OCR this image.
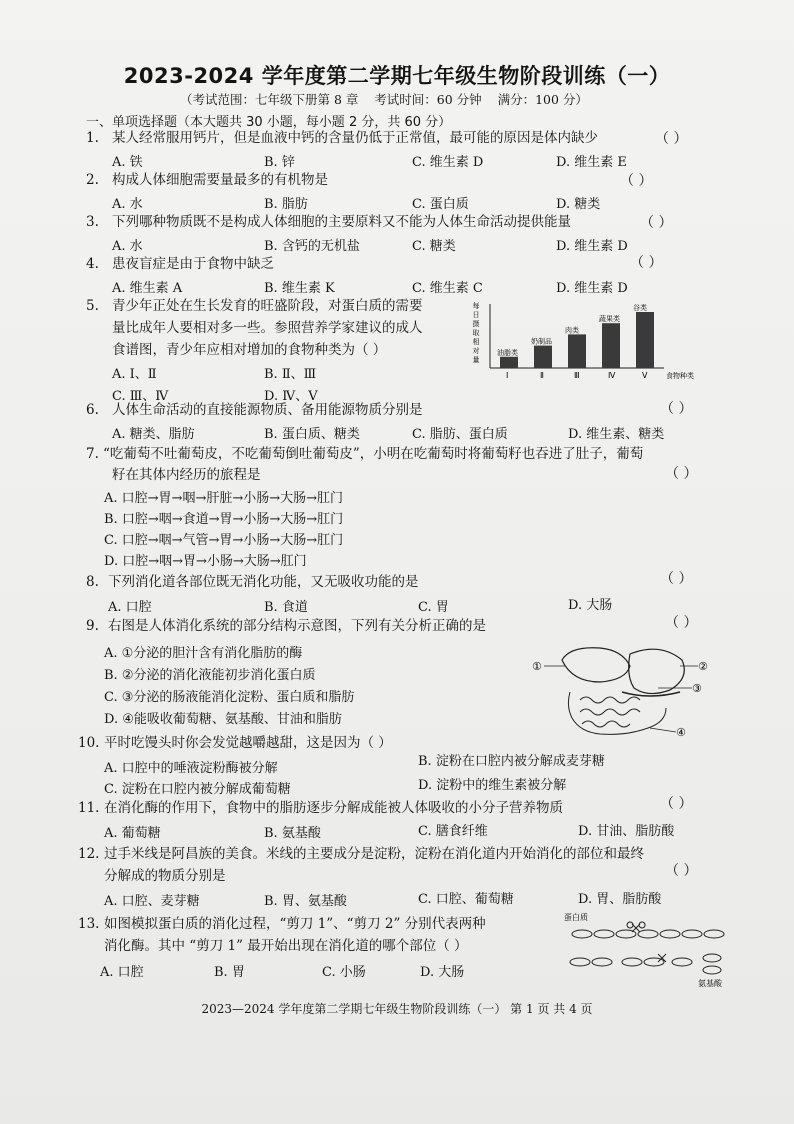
2023-2024 学年度第二学期七年级生物阶段训练（一）
（考试范围：七年级下册第 8 章    考试时间：60 分钟    满分：100 分）
一、单项选择题（本大题共 30 小题，每小题 2 分，共 60 分）
1. 某人经常服用钙片，但是血液中钙的含量仍低于正常值，最可能的原因是体内缺少	（ ）
A. 铁	B. 锌	C. 维生素 D	D. 维生素 E
2. 构成人体细胞需要量最多的有机物是	（ ）
A. 水	B. 脂肪	C. 蛋白质	D. 糖类
3. 下列哪种物质既不是构成人体细胞的主要原料又不能为人体生命活动提供能量	（ ）
A. 水	B. 含钙的无机盐	C. 糖类	D. 维生素 D
4. 患夜盲症是由于食物中缺乏	（ ）
A. 维生素 A	B. 维生素 K	C. 维生素 C	D. 维生素 D
5. 青少年正处在生长发育的旺盛阶段，对蛋白质的需要
量比成年人要相对多一些。参照营养学家建议的成人
食谱图，青少年应相对增加的食物种类为（ ）
A. Ⅰ、Ⅱ	B. Ⅱ、Ⅲ
C. Ⅲ、Ⅳ	D. Ⅳ、Ⅴ
每
日
摄
取
相
对
量
油脂类
Ⅰ
奶制品
Ⅱ
肉类
Ⅲ
蔬果类
Ⅳ
谷类
Ⅴ	食物种类
6. 人体生命活动的直接能源物质、备用能源物质分别是	（ ）
A. 糖类、脂肪	B. 蛋白质、糖类	C. 脂肪、蛋白质	D. 维生素、糖类
7. “吃葡萄不吐葡萄皮，不吃葡萄倒吐葡萄皮”，小明在吃葡萄时将葡萄籽也吞进了肚子，葡萄
籽在其体内经历的旅程是	（ ）
A. 口腔→胃→咽→肝脏→小肠→大肠→肛门
B. 口腔→咽→食道→胃→小肠→大肠→肛门
C. 口腔→咽→气管→胃→小肠→大肠→肛门
D. 口腔→咽→胃→小肠→大肠→肛门
8. 下列消化道各部位既无消化功能，又无吸收功能的是	（ ）
A. 口腔	B. 食道	C. 胃	D. 大肠
9. 右图是人体消化系统的部分结构示意图，下列有关分析正确的是	（ ）
A. ①分泌的胆汁含有消化脂肪的酶
B. ②分泌的消化液能初步消化蛋白质
C. ③分泌的肠液能消化淀粉、蛋白质和脂肪
D. ④能吸收葡萄糖、氨基酸、甘油和脂肪
①	②
③
④
10. 平时吃馒头时你会发觉越嚼越甜，这是因为（ ）
A. 口腔中的唾液淀粉酶被分解	B. 淀粉在口腔内被分解成麦芽糖
C. 淀粉在口腔内被分解成葡萄糖	D. 淀粉中的维生素被分解
11. 在消化酶的作用下，食物中的脂肪逐步分解成能被人体吸收的小分子营养物质	（ ）
A. 葡萄糖	B. 氨基酸	C. 膳食纤维	D. 甘油、脂肪酸
12. 过手米线是阿昌族的美食。米线的主要成分是淀粉，淀粉在消化道内开始消化的部位和最终
分解成的物质分别是	（ ）
A. 口腔、麦芽糖	B. 胃、氨基酸	C. 口腔、葡萄糖	D. 胃、脂肪酸
13. 如图模拟蛋白质的消化过程，“剪刀 1”、“剪刀 2” 分别代表两种
消化酶。其中 “剪刀 1” 最开始出现在消化道的哪个部位（ ）
A. 口腔	B. 胃	C. 小肠	D. 大肠
蛋白质
氨基酸
2023—2024 学年度第二学期七年级生物阶段训练（一） 第 1 页 共 4 页
